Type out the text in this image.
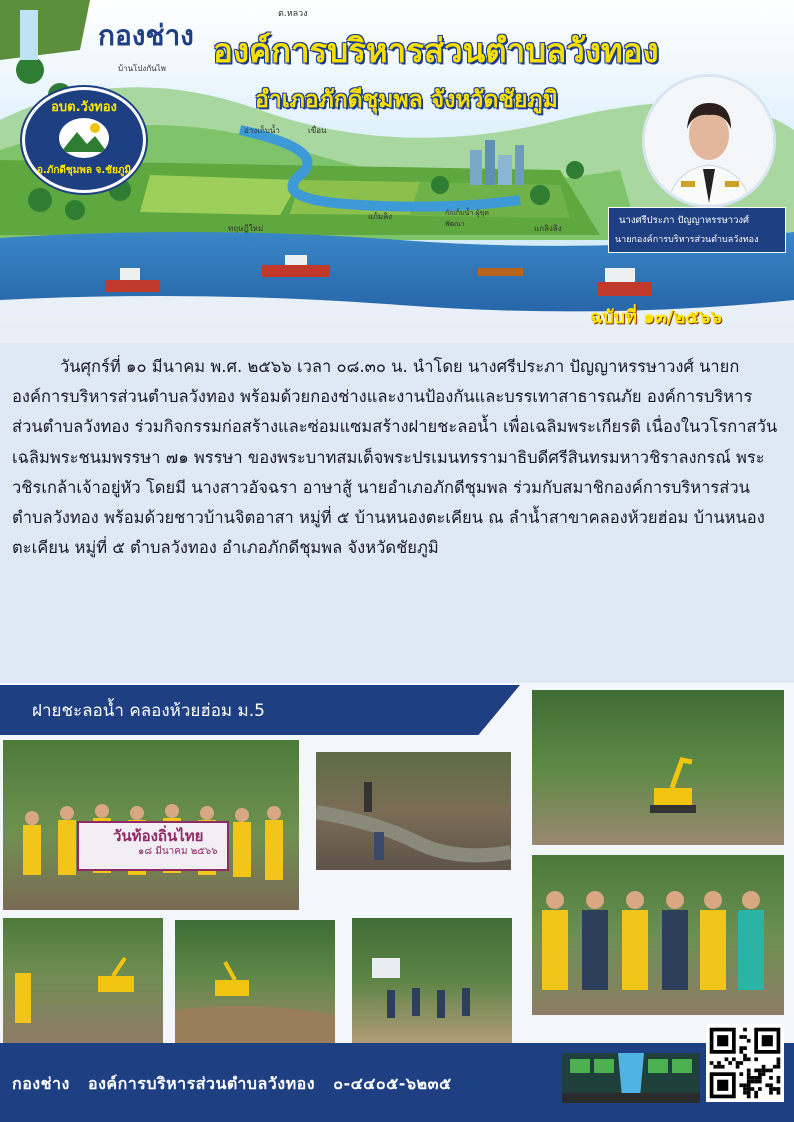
อบต.วังทอง
อ.ภักดีชุมพล จ.ชัยภูมิ
กองช่าง องค์การบริหารส่วนตำบลวังทอง
อำเภอภักดีชุมพล จังหวัดชัยภูมิ
ต.หลวง
บ้านโปงกันไพ
อ่างเก็บน้ำ	เขื่อน
แก้มลิง	กักเก็บน้ำ ผู้ขุดพัฒนา	แกลิงลิง
ทฤษฎีใหม่
นางศรีประภา ปัญญาหรรษาวงศ์
นายกองค์การบริหารส่วนตำบลวังทอง
ฉบับที่ ๑๓/๒๕๖๖

วันศุกร์ที่ ๑๐ มีนาคม พ.ศ. ๒๕๖๖ เวลา ๐๘.๓๐ น. นำโดย นางศรีประภา ปัญญาหรรษาวงศ์ นายกองค์การบริหารส่วนตำบลวังทอง พร้อมด้วยกองช่างและงานป้องกันและบรรเทาสาธารณภัย องค์การบริหารส่วนตำบลวังทอง ร่วมกิจกรรมก่อสร้างและซ่อมแซมสร้างฝายชะลอน้ำ เพื่อเฉลิมพระเกียรติ เนื่องในวโรกาสวันเฉลิมพระชนมพรรษา ๗๑ พรรษา ของพระบาทสมเด็จพระปรเมนทรรามาธิบดีศรีสินทรมหาวชิราลงกรณ์ พระวชิรเกล้าเจ้าอยู่หัว โดยมี นางสาวอัจฉรา อาษาสู้ นายอำเภอภักดีชุมพล ร่วมกับสมาชิกองค์การบริหารส่วนตำบลวังทอง พร้อมด้วยชาวบ้านจิตอาสา หมู่ที่ ๕ บ้านหนองตะเคียน ณ ลำน้ำสาขาคลองห้วยฮ่อม บ้านหนองตะเคียน หมู่ที่ ๕ ตำบลวังทอง อำเภอภักดีชุมพล จังหวัดชัยภูมิ

ฝายชะลอน้ำ คลองห้วยฮ่อม ม.5
วันท้องถิ่นไทย
๑๘ มีนาคม ๒๕๖๖
กองช่าง   องค์การบริหารส่วนตำบลวังทอง   ๐-๔๔๐๕-๖๒๓๕
